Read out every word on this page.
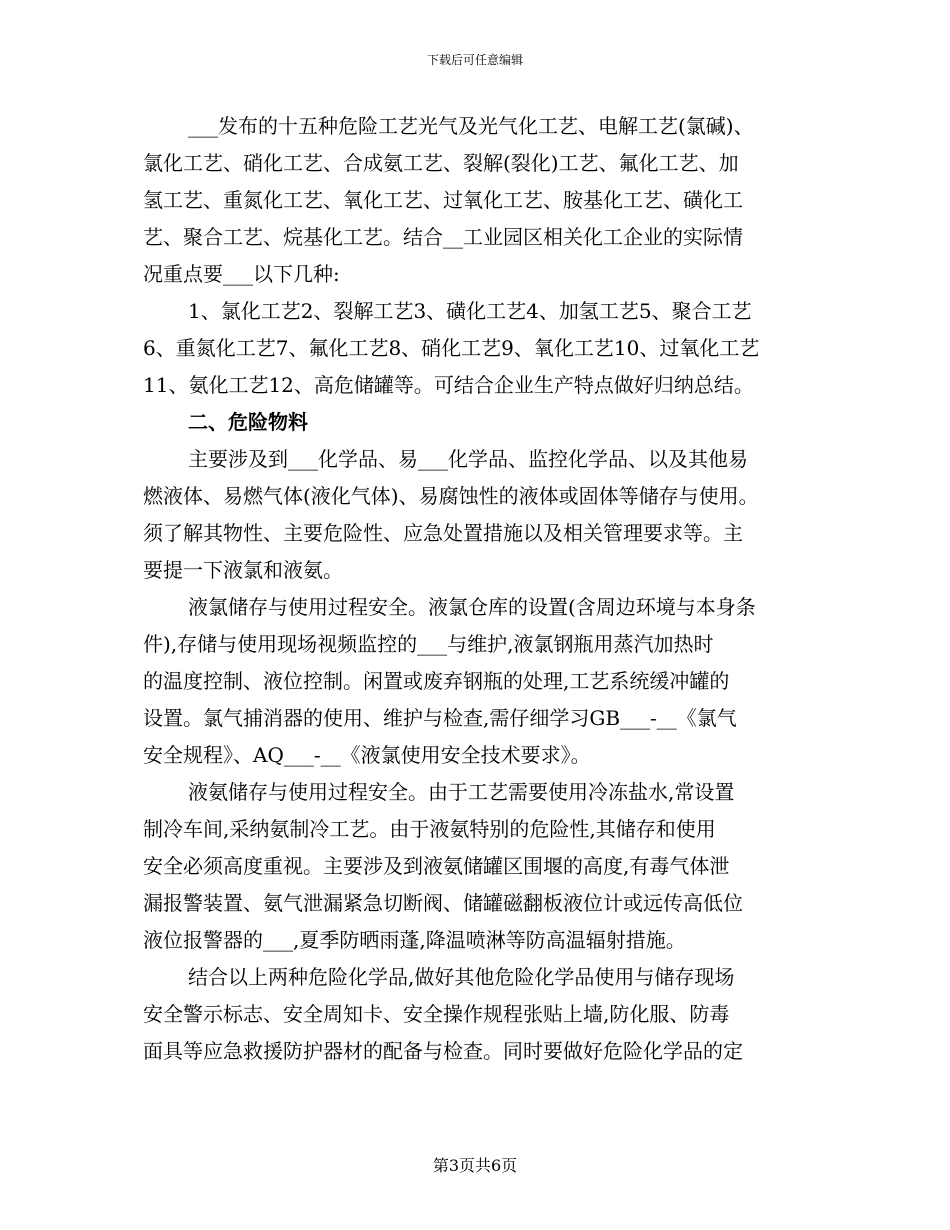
下载后可任意编辑
___发布的十五种危险工艺光气及光气化工艺、电解工艺(氯碱)、
氯化工艺、硝化工艺、合成氨工艺、裂解(裂化)工艺、氟化工艺、加
氢工艺、重氮化工艺、氧化工艺、过氧化工艺、胺基化工艺、磺化工
艺、聚合工艺、烷基化工艺。结合__工业园区相关化工企业的实际情
况重点要___以下几种:
1、氯化工艺2、裂解工艺3、磺化工艺4、加氢工艺5、聚合工艺
6、重氮化工艺7、氟化工艺8、硝化工艺9、氧化工艺10、过氧化工艺
11、氨化工艺12、高危储罐等。可结合企业生产特点做好归纳总结。
二、危险物料
主要涉及到___化学品、易___化学品、监控化学品、以及其他易
燃液体、易燃气体(液化气体)、易腐蚀性的液体或固体等储存与使用。
须了解其物性、主要危险性、应急处置措施以及相关管理要求等。主
要提一下液氯和液氨。
液氯储存与使用过程安全。液氯仓库的设置(含周边环境与本身条
件),存储与使用现场视频监控的___与维护,液氯钢瓶用蒸汽加热时
的温度控制、液位控制。闲置或废弃钢瓶的处理,工艺系统缓冲罐的
设置。氯气捕消器的使用、维护与检查,需仔细学习GB___-__《氯气
安全规程》、AQ___-__《液氯使用安全技术要求》。
液氨储存与使用过程安全。由于工艺需要使用冷冻盐水,常设置
制冷车间,采纳氨制冷工艺。由于液氨特别的危险性,其储存和使用
安全必须高度重视。主要涉及到液氨储罐区围堰的高度,有毒气体泄
漏报警装置、氨气泄漏紧急切断阀、储罐磁翻板液位计或远传高低位
液位报警器的___,夏季防晒雨蓬,降温喷淋等防高温辐射措施。
结合以上两种危险化学品,做好其他危险化学品使用与储存现场
安全警示标志、安全周知卡、安全操作规程张贴上墙,防化服、防毒
面具等应急救援防护器材的配备与检查。同时要做好危险化学品的定
第3页共6页
